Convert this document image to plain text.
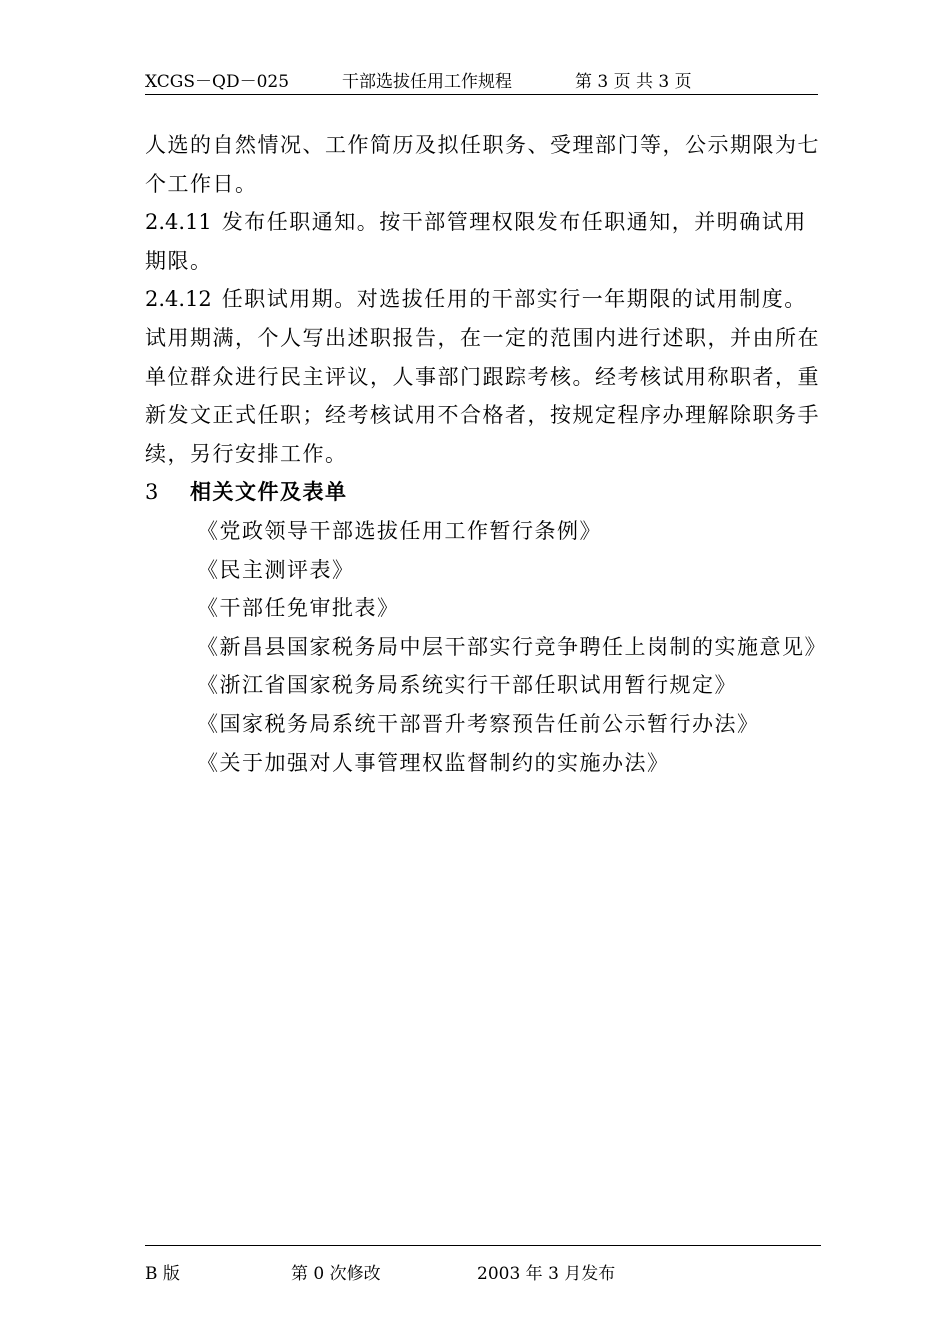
XCGS－QD－025	干部选拔任用工作规程	第 3 页 共 3 页

人选的自然情况、工作简历及拟任职务、受理部门等，公示期限为七个工作日。

2.4.11 发布任职通知。按干部管理权限发布任职通知，并明确试用期限。

2.4.12 任职试用期。对选拔任用的干部实行一年期限的试用制度。试用期满，个人写出述职报告，在一定的范围内进行述职，并由所在单位群众进行民主评议，人事部门跟踪考核。经考核试用称职者，重新发文正式任职；经考核试用不合格者，按规定程序办理解除职务手续，另行安排工作。

3 相关文件及表单

《党政领导干部选拔任用工作暂行条例》

《民主测评表》

《干部任免审批表》

《新昌县国家税务局中层干部实行竞争聘任上岗制的实施意见》

《浙江省国家税务局系统实行干部任职试用暂行规定》

《国家税务局系统干部晋升考察预告任前公示暂行办法》

《关于加强对人事管理权监督制约的实施办法》

B 版	第 0 次修改	2003 年 3 月发布
